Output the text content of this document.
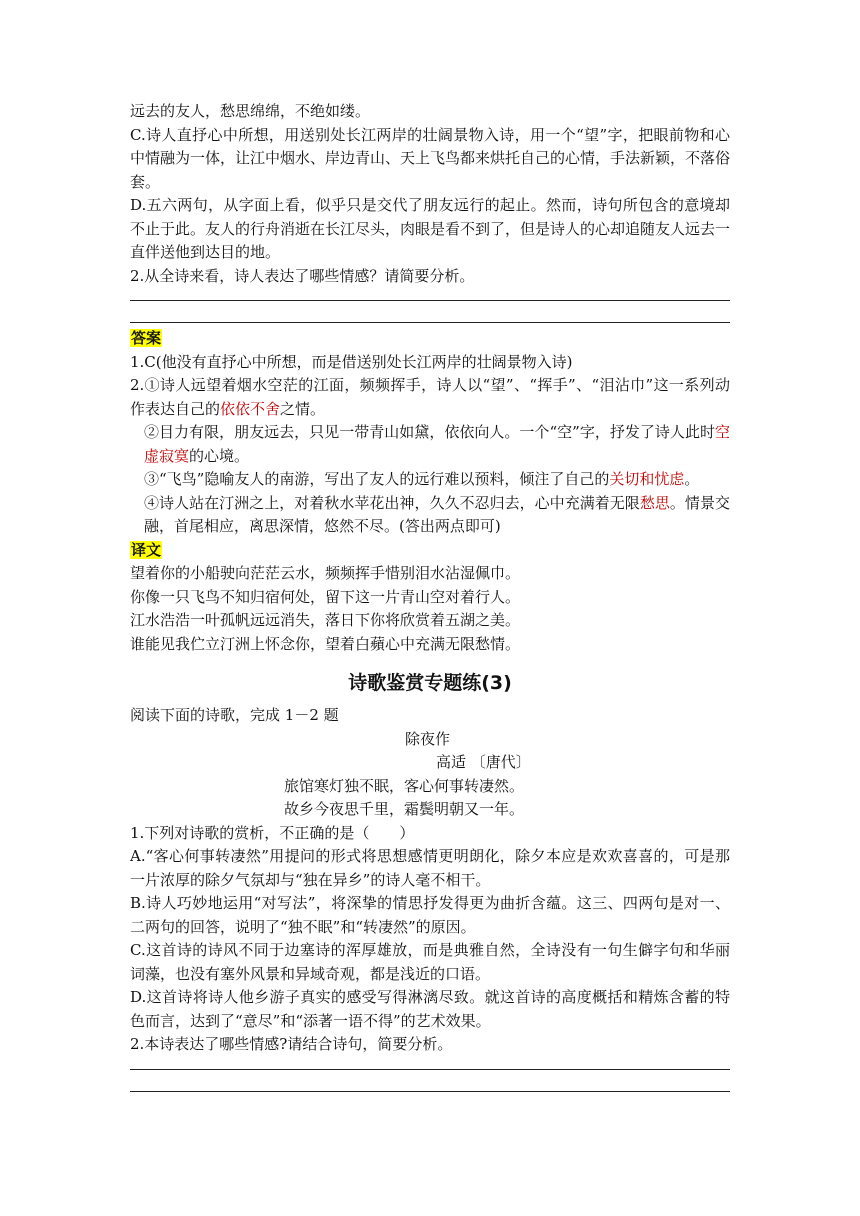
远去的友人，愁思绵绵，不绝如缕。

C.诗人直抒心中所想，用送别处长江两岸的壮阔景物入诗，用一个“望”字，把眼前物和心中情融为一体，让江中烟水、岸边青山、天上飞鸟都来烘托自己的心情，手法新颖，不落俗套。

D.五六两句，从字面上看，似乎只是交代了朋友远行的起止。然而，诗句所包含的意境却不止于此。友人的行舟消逝在长江尽头，肉眼是看不到了，但是诗人的心却追随友人远去一直伴送他到达目的地。

2.从全诗来看，诗人表达了哪些情感？请简要分析。

答案

1.C(他没有直抒心中所想，而是借送别处长江两岸的壮阔景物入诗)

2.①诗人远望着烟水空茫的江面，频频挥手，诗人以“望”、“挥手”、“泪沾巾”这一系列动作表达自己的依依不舍之情。

②目力有限，朋友远去，只见一带青山如黛，依依向人。一个“空”字，抒发了诗人此时空虚寂寞的心境。

③“飞鸟”隐喻友人的南游，写出了友人的远行难以预料，倾注了自己的关切和忧虑。

④诗人站在汀洲之上，对着秋水苹花出神，久久不忍归去，心中充满着无限愁思。情景交融，首尾相应，离思深情，悠然不尽。(答出两点即可)

译文

望着你的小船驶向茫茫云水，频频挥手惜别泪水沾湿佩巾。

你像一只飞鸟不知归宿何处，留下这一片青山空对着行人。

江水浩浩一叶孤帆远远消失，落日下你将欣赏着五湖之美。

谁能见我伫立汀洲上怀念你，望着白蘋心中充满无限愁情。

诗歌鉴赏专题练(3)

阅读下面的诗歌，完成 1－2 题

除夜作

高适 〔唐代〕

旅馆寒灯独不眠，客心何事转凄然。

故乡今夜思千里，霜鬓明朝又一年。

1.下列对诗歌的赏析，不正确的是（　　）

A.“客心何事转凄然”用提问的形式将思想感情更明朗化，除夕本应是欢欢喜喜的，可是那一片浓厚的除夕气氛却与“独在异乡”的诗人毫不相干。

B.诗人巧妙地运用“对写法”，将深挚的情思抒发得更为曲折含蕴。这三、四两句是对一、二两句的回答，说明了“独不眠”和“转凄然”的原因。

C.这首诗的诗风不同于边塞诗的浑厚雄放，而是典雅自然，全诗没有一句生僻字句和华丽词藻，也没有塞外风景和异域奇观，都是浅近的口语。

D.这首诗将诗人他乡游子真实的感受写得淋漓尽致。就这首诗的高度概括和精炼含蓄的特色而言，达到了“意尽”和“添著一语不得”的艺术效果。

2.本诗表达了哪些情感?请结合诗句，简要分析。
